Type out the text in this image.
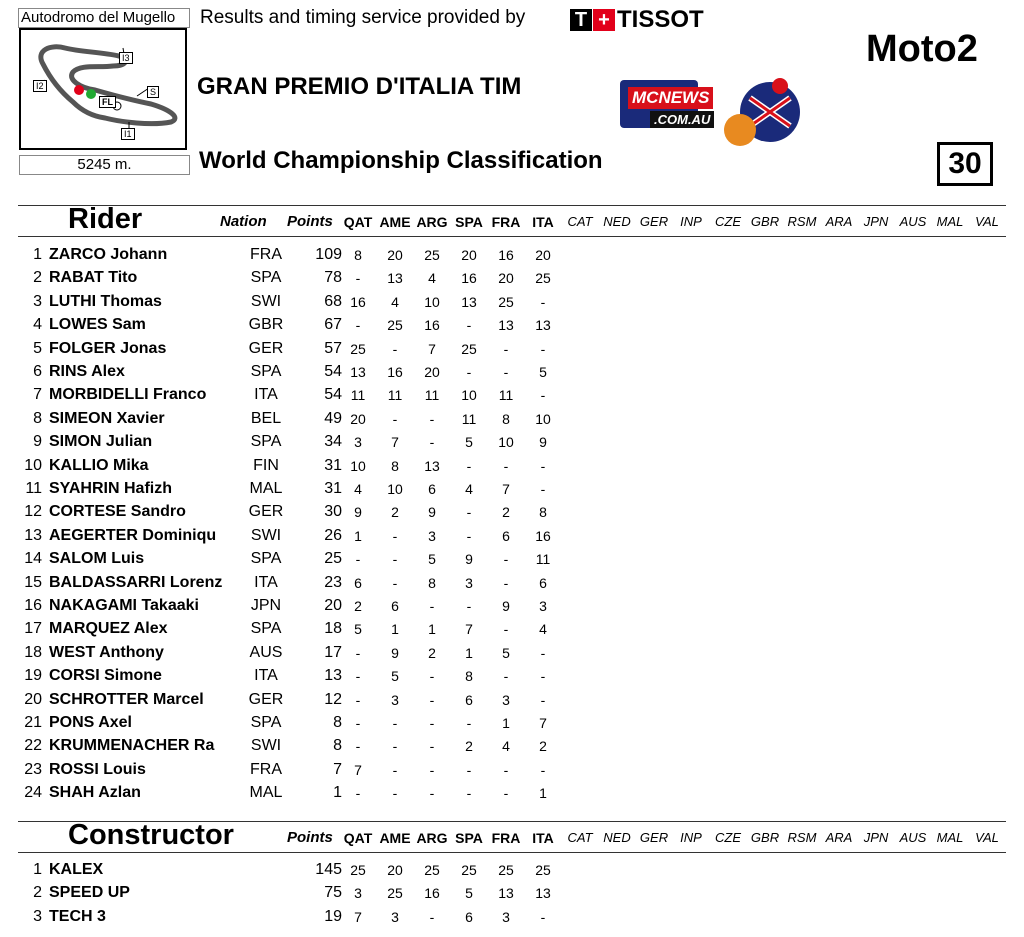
Autodromo del Mugello
I3
I2
S
FL
I1
5245 m.
Results and timing service provided by T + TISSOT
Moto2
GRAN PREMIO D'ITALIA TIM
World Championship Classification	30
MCNEWS
.COM.AU
Rider	Nation Points QAT AME ARG SPA FRA ITA	CAT NED GER INP	CZE GBR RSM ARA JPN AUS MAL VAL
1 ZARCO Johann	FRA	109 8	20	25	20	16	20
2 RABAT Tito	SPA	78 -	13	4	16	20	25
3 LUTHI Thomas	SWI	68 16	4	10	13	25	-
4 LOWES Sam	GBR	67 -	25	16	-	13	13
5 FOLGER Jonas	GER	57 25	-	7	25	-	-
6 RINS Alex	SPA	54 13	16	20	-	-	5
7 MORBIDELLI Franco	ITA	54 11	11	11	10	11	-
8 SIMEON Xavier	BEL	49 20	-	-	11	8	10
9 SIMON Julian	SPA	34 3	7	-	5	10	9
10 KALLIO Mika	FIN	31 10	8	13	-	-	-
11 SYAHRIN Hafizh	MAL	31 4	10	6	4	7	-
12 CORTESE Sandro	GER	30 9	2	9	-	2	8
13 AEGERTER Dominiqu	SWI	26 1	-	3	-	6	16
14 SALOM Luis	SPA	25 -	-	5	9	-	11
15 BALDASSARRI Lorenz	ITA	23 6	-	8	3	-	6
16 NAKAGAMI Takaaki	JPN	20 2	6	-	-	9	3
17 MARQUEZ Alex	SPA	18 5	1	1	7	-	4
18 WEST Anthony	AUS	17 -	9	2	1	5	-
19 CORSI Simone	ITA	13 -	5	-	8	-	-
20 SCHROTTER Marcel	GER	12 -	3	-	6	3	-
21 PONS Axel	SPA	8 -	-	-	-	1	7
22 KRUMMENACHER Ra	SWI	8 -	-	-	2	4	2
23 ROSSI Louis	FRA	7 7	-	-	-	-	-
24 SHAH Azlan	MAL	1 -	-	-	-	-	1
Constructor	Points QAT AME ARG SPA FRA ITA	CAT NED GER INP	CZE GBR RSM ARA JPN AUS MAL VAL
1 KALEX	145 25	20	25	25	25	25
2 SPEED UP	75 3	25	16	5	13	13
3 TECH 3	19 7	3	-	6	3	-
